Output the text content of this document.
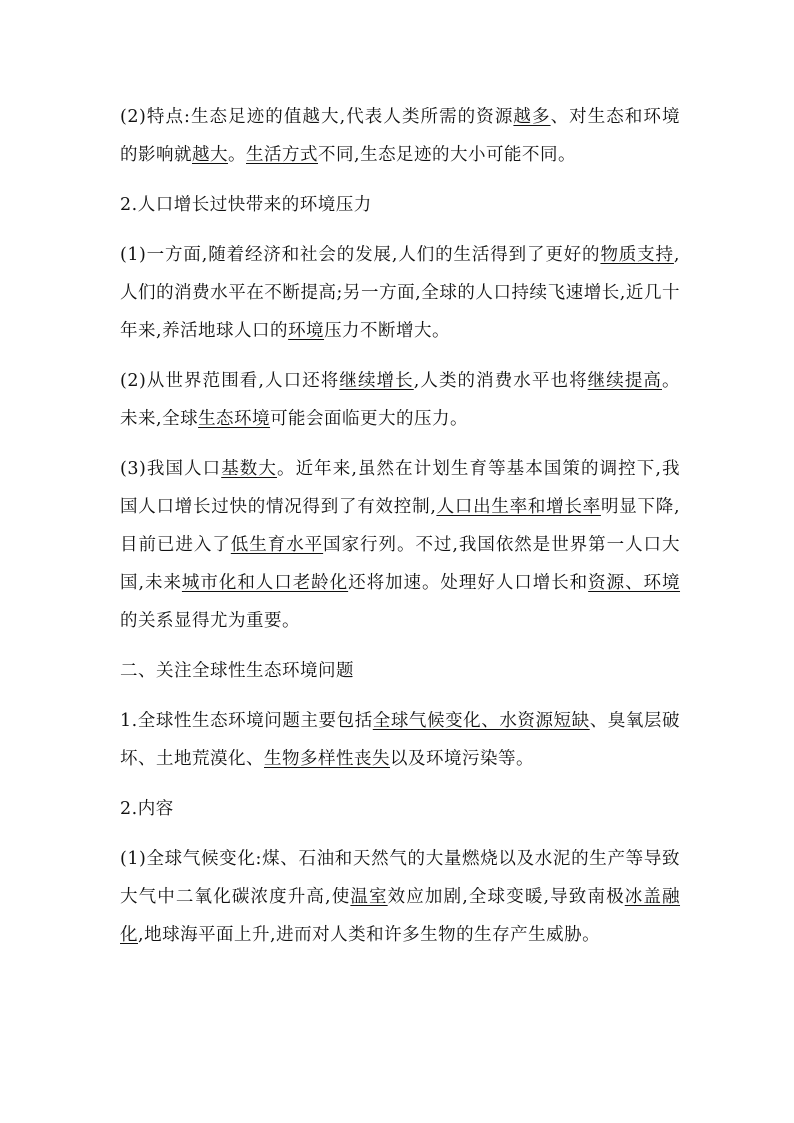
(2)特点:生态足迹的值越大,代表人类所需的资源越多、对生态和环境的影响就越大。生活方式不同,生态足迹的大小可能不同。

2.人口增长过快带来的环境压力

(1)一方面,随着经济和社会的发展,人们的生活得到了更好的物质支持,人们的消费水平在不断提高;另一方面,全球的人口持续飞速增长,近几十年来,养活地球人口的环境压力不断增大。

(2)从世界范围看,人口还将继续增长,人类的消费水平也将继续提高。未来,全球生态环境可能会面临更大的压力。

(3)我国人口基数大。近年来,虽然在计划生育等基本国策的调控下,我国人口增长过快的情况得到了有效控制,人口出生率和增长率明显下降,目前已进入了低生育水平国家行列。不过,我国依然是世界第一人口大国,未来城市化和人口老龄化还将加速。处理好人口增长和资源、环境的关系显得尤为重要。

二、关注全球性生态环境问题

1.全球性生态环境问题主要包括全球气候变化、水资源短缺、臭氧层破坏、土地荒漠化、生物多样性丧失以及环境污染等。

2.内容

(1)全球气候变化:煤、石油和天然气的大量燃烧以及水泥的生产等导致大气中二氧化碳浓度升高,使温室效应加剧,全球变暖,导致南极冰盖融化,地球海平面上升,进而对人类和许多生物的生存产生威胁。
